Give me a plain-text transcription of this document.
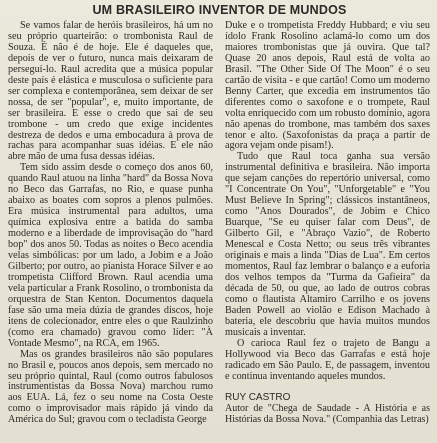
UM BRASILEIRO INVENTOR DE MUNDOS

Se vamos falar de heróis brasileiros, há um no seu próprio quarteirão: o trombonista Raul de Souza. É não é de hoje. Ele é daqueles que, depois de ver o futuro, nunca mais deixaram de perseguí-lo. Raul acredita que a música popular deste país é elástica e musculosa o suficiente para ser complexa e contemporânea, sem deixar de ser nossa, de ser "popular", e, muito importante, de ser brasileira. E esse o credo que sai de seu trombone - um credo que exige incidentes destreza de dedos e uma embocadura à prova de rachas para acompanhar suas idéias. E ele não abre mão de uma fusa dessas idéias.

Tem sido assim desde o começo dos anos 60, quando Raul atuou na linha "hard" da Bossa Nova no Beco das Garrafas, no Rio, e quase punha abaixo as boates com sopros a plenos pulmões. Era música instrumental para adultos, uma química explosiva entre a batida do samba moderno e a liberdade de improvisação do "hard bop" dos anos 50. Todas as noites o Beco acendia velas simbólicas: por um lado, a Jobim e a João Gilberto; por outro, ao pianista Horace Silver e ao trompetista Clifford Brown. Raul acendia uma vela particular a Frank Rosolino, o trombonista da orquestra de Stan Kenton. Documentos daquela fase são uma meia dúzia de grandes discos, hoje itens de colecionador, entre eles o que Raulzinho (como era chamado) gravou como líder: "À Vontade Mesmo", na RCA, em 1965.

Mas os grandes brasileiros não são populares no Brasil e, poucos anos depois, sem mercado no seu próprio quintal, Raul (como outros fabulosos instrumentistas da Bossa Nova) marchou rumo aos EUA. Lá, fez o seu nome na Costa Oeste como o improvisador mais rápido já vindo da América do Sul; gravou com o tecladista George

Duke e o trompetista Freddy Hubbard; e viu seu ídolo Frank Rosolino aclamá-lo como um dos maiores trombonistas que já ouvira. Que tal? Quase 20 anos depois, Raul está de volta ao Brasil. "The Other Side Of The Moon" é o seu cartão de visita - e que cartão! Como um moderno Benny Carter, que excedia em instrumentos tão diferentes como o saxofone e o trompete, Raul volta enriquecido com um robusto domínio, agora não apenas do trombone, mas também dos saxes tenor e alto. (Saxofonistas da praça a partir de agora vejam onde pisam!).

Tudo que Raul toca ganha sua versão instrumental definitiva e brasileira. Não importa que sejam canções do repertório universal, como "I Concentrate On You", "Unforgetable" e "You Must Believe In Spring"; clássicos instantâneos, como "Anos Dourados", de Jobim e Chico Buarque, "Se eu quiser falar com Deus", de Gilberto Gil, e "Abraço Vazio", de Roberto Menescal e Costa Netto; ou seus três vibrantes originais e mais a linda "Dias de Lua". Em certos momentos, Raul faz lembrar o balanço e a euforia dos velhos tempos da "Turma da Gafieira" da década de 50, ou que, ao lado de outros cobras como o flautista Altamiro Carrilho e os jovens Baden Powell ao violão e Edison Machado à bateria, ele descobriu que havia muitos mundos musicais a inventar.

O carioca Raul fez o trajeto de Bangu a Hollywood via Beco das Garrafas e está hoje radicado em São Paulo. E, de passagem, inventou e continua inventando aqueles mundos.

RUY CASTRO
Autor de "Chega de Saudade - A História e as Histórias da Bossa Nova." (Companhia das Letras)
